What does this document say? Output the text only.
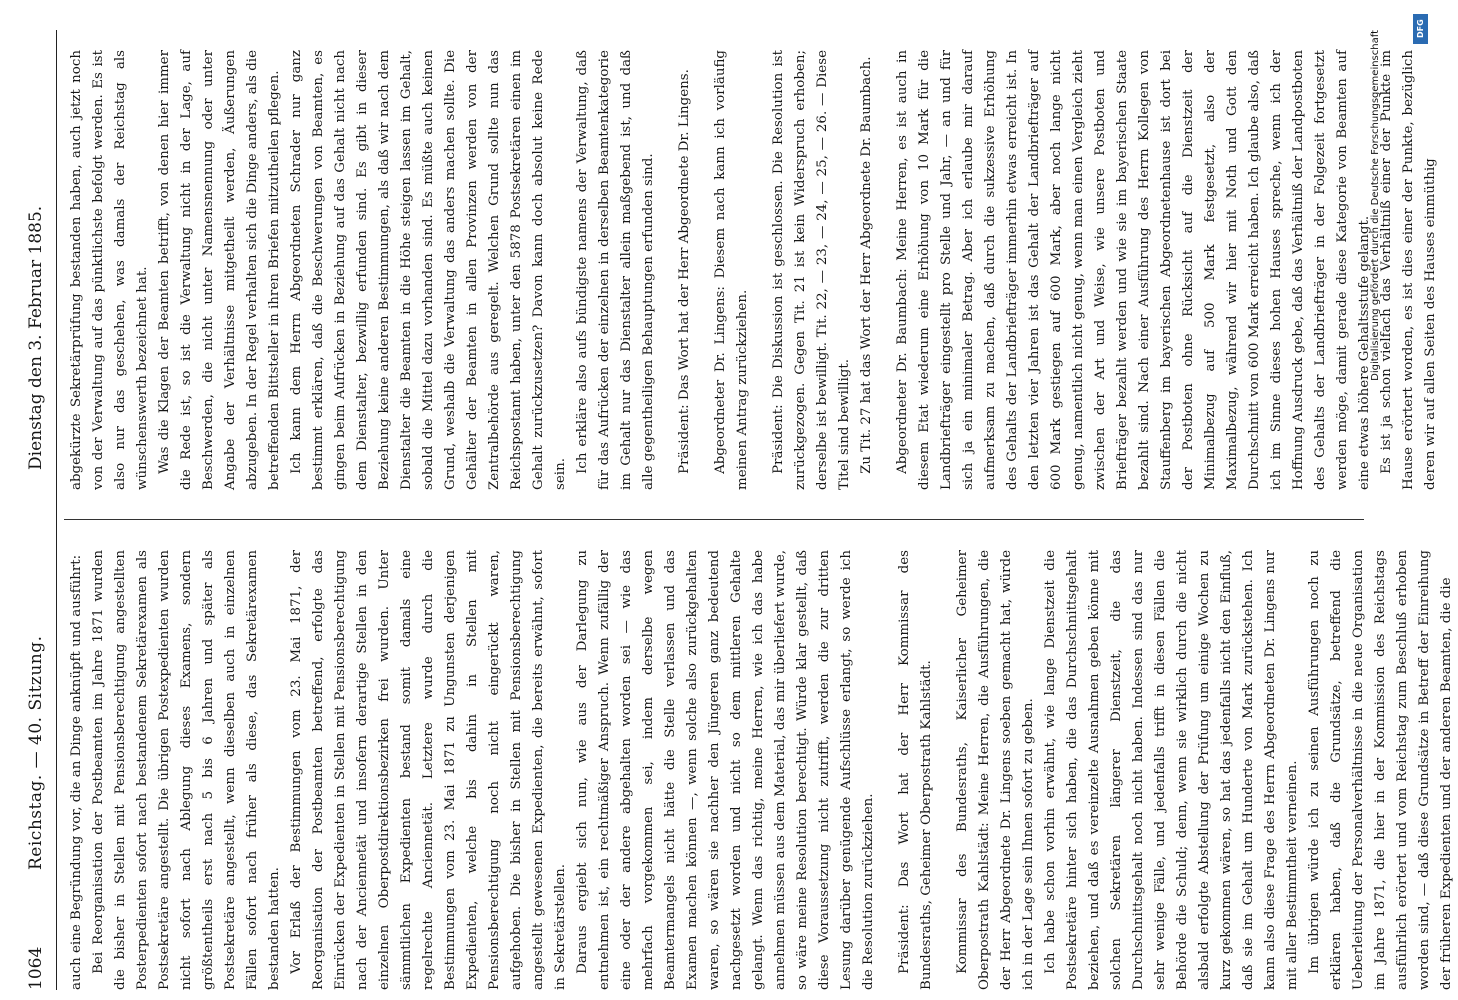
1064
Reichstag. — 40. Sitzung.
Dienstag den 3. Februar 1885.

auch eine Begründung vor, die an Dinge anknüpft und ausführt: Bei Reorganisation der Postbeamten im Jahre 1871 wurden die bisher in Stellen mit Pensionsberechtigung angestellten Posterpedienten sofort nach bestandenem Sekretärexamen als Postsekretäre angestellt. Die übrigen Postexpedienten wurden nicht sofort nach Ablegung dieses Examens, sondern größtentheils erst nach 5 bis 6 Jahren und später als Postsekretäre angestellt, wenn dieselben auch in einzelnen Fällen sofort nach früher als diese, das Sekretärexamen bestanden hatten. Vor Erlaß der Bestimmungen vom 23. Mai 1871, der Reorganisation der Postbeamten betreffend, erfolgte das Einrücken der Expedienten in Stellen mit Pensionsberechtigung nach der Anciennetät und insofern derartige Stellen in den einzelnen Oberpostdirektionsbezirken frei wurden. Unter sämmtlichen Expedienten bestand somit damals eine regelrechte Anciennetät. Letztere wurde durch die Bestimmungen vom 23. Mai 1871 zu Ungunsten derjenigen Expedienten, welche bis dahin in Stellen mit Pensionsberechtigung noch nicht eingerückt waren, aufgehoben. Die bisher in Stellen mit Pensionsberechtigung angestellt gewesenen Expedienten, die bereits erwähnt, sofort in Sekretärstellen. Daraus ergiebt sich nun, wie aus der Darlegung zu entnehmen ist, ein rechtmäßiger Anspruch. Wenn zufällig der eine oder der andere abgehalten worden sei — wie das mehrfach vorgekommen sei, indem derselbe wegen Beamtermangels nicht hätte die Stelle verlassen und das Examen machen können —, wenn solche also zurückgehalten waren, so wären sie nachher den Jüngeren ganz bedeutend nachgesetzt worden und nicht so dem mittleren Gehalte gelangt. Wenn das richtig, meine Herren, wie ich das habe annehmen müssen aus dem Material, das mir überliefert wurde, so wäre meine Resolution berechtigt. Würde klar gestellt, daß diese Voraussetzung nicht zutrifft, werden die zur dritten Lesung darüber genügende Aufschlüsse erlangt, so werde ich die Resolution zurückziehen. Präsident: Das Wort hat der Herr Kommissar des Bundesraths, Geheimer Oberpostrath Kahlstädt. Kommissar des Bundesraths, Kaiserlicher Geheimer Oberpostrath Kahlstädt: Meine Herren, die Ausführungen, die der Herr Abgeordnete Dr. Lingens soeben gemacht hat, würde ich in der Lage sein Ihnen sofort zu geben. Ich habe schon vorhin erwähnt, wie lange Dienstzeit die Postsekretäre hinter sich haben, die das Durchschnittsgehalt beziehen, und daß es vereinzelte Ausnahmen geben könne mit solchen Sekretären längerer Dienstzeit, die das Durchschnittsgehalt noch nicht haben. Indessen sind das nur sehr wenige Fälle, und jedenfalls trifft in diesen Fällen die Behörde die Schuld; denn, wenn sie wirklich durch die nicht alsbald erfolgte Abstellung der Prüfung um einige Wochen zu kurz gekommen wären, so hat das jedenfalls nicht den Einfluß, daß sie im Gehalt um Hunderte von Mark zurückstehen. Ich kann also diese Frage des Herrn Abgeordneten Dr. Lingens nur mit aller Bestimmtheit verneinen. Im übrigen würde ich zu seinen Ausführungen noch zu erklären haben, daß die Grundsätze, betreffend die Ueberleitung der Personalverhältnisse in die neue Organisation im Jahre 1871, die hier in der Kommission des Reichstags ausführlich erörtert und vom Reichstag zum Beschluß erhoben worden sind, — daß diese Grundsätze in Betreff der Einreihung der früheren Expedienten und der anderen Beamten, die die

abgekürzte Sekretärprüfung bestanden haben, auch jetzt noch von der Verwaltung auf das pünktlichste befolgt werden. Es ist also nur das geschehen, was damals der Reichstag als wünschenswerth bezeichnet hat. Was die Klagen der Beamten betrifft, von denen hier immer die Rede ist, so ist die Verwaltung nicht in der Lage, auf Beschwerden, die nicht unter Namensnennung oder unter Angabe der Verhältnisse mitgetheilt werden, Äußerungen abzugeben. In der Regel verhalten sich die Dinge anders, als die betreffenden Bittsteller in ihren Briefen mitzutheilen pflegen. Ich kann dem Herrn Abgeordneten Schrader nur ganz bestimmt erklären, daß die Beschwerungen von Beamten, es gingen beim Aufrücken in Beziehung auf das Gehalt nicht nach dem Dienstalter, bezwillig erfunden sind. Es gibt in dieser Beziehung keine anderen Bestimmungen, als daß wir nach dem Dienstalter die Beamten in die Höhe steigen lassen im Gehalt, sobald die Mittel dazu vorhanden sind. Es müßte auch keinen Grund, weshalb die Verwaltung das anders machen sollte. Die Gehälter der Beamten in allen Provinzen werden von der Zentralbehörde aus geregelt. Welchen Grund sollte nun das Reichspostamt haben, unter den 5878 Postsekretären einen im Gehalt zurückzusetzen? Davon kann doch absolut keine Rede sein.

Ich erkläre also aufs bündigste namens der Verwaltung, daß für das Aufrücken der einzelnen in derselben Beamtenkategorie im Gehalt nur das Dienstalter allein maßgebend ist, und daß alle gegentheiligen Behauptungen erfunden sind. Präsident: Das Wort hat der Herr Abgeordnete Dr. Lingens. Abgeordneter Dr. Lingens: Diesem nach kann ich vorläufig meinen Antrag zurückziehen. Präsident: Die Diskussion ist geschlossen. Die Resolution ist zurückgezogen. Gegen Tit. 21 ist kein Widerspruch erhoben; derselbe ist bewilligt. Tit. 22, — 23, — 24, — 25, — 26. — Diese Titel sind bewilligt. Zu Tit. 27 hat das Wort der Herr Abgeordnete Dr. Baumbach. Abgeordneter Dr. Baumbach: Meine Herren, es ist auch in diesem Etat wiederum eine Erhöhung von 10 Mark für die Landbriefträger eingestellt pro Stelle und Jahr, — an und für sich ja ein minimaler Betrag. Aber ich erlaube mir darauf aufmerksam zu machen, daß durch die sukzessive Erhöhung des Gehalts der Landbriefträger immerhin etwas erreicht ist. In den letzten vier Jahren ist das Gehalt der Landbriefträger auf 600 Mark gestiegen auf 600 Mark, aber noch lange nicht genug, namentlich nicht genug, wenn man einen Vergleich zieht zwischen der Art und Weise, wie unsere Postboten und Briefträger bezahlt werden und wie sie im bayerischen Staate bezahlt sind. Nach einer Ausführung des Herrn Kollegen von Stauffenberg im bayerischen Abgeordnetenhause ist dort bei der Postboten ohne Rücksicht auf die Dienstzeit der Minimalbezug auf 500 Mark festgesetzt, also der Maximalbezug, während wir hier mit Noth und Gott den Durchschnitt von 600 Mark erreicht haben. Ich glaube also, daß ich im Sinne dieses hohen Hauses spreche, wenn ich der Hoffnung Ausdruck gebe, daß das Verhältniß der Landpostboten des Gehalts der Landbriefträger in der Folgezeit fortgesetzt werden möge, damit gerade diese Kategorie von Beamten auf eine etwas höhere Gehaltsstufe gelangt. Es ist ja schon vielfach das Verhältniß einer der Punkte im Hause erörtert worden, es ist dies einer der Punkte, bezüglich deren wir auf allen Seiten des Hauses einmüthig

Digitalisierung gefördert durch die Deutsche Forschungsgemeinschaft
DFG
